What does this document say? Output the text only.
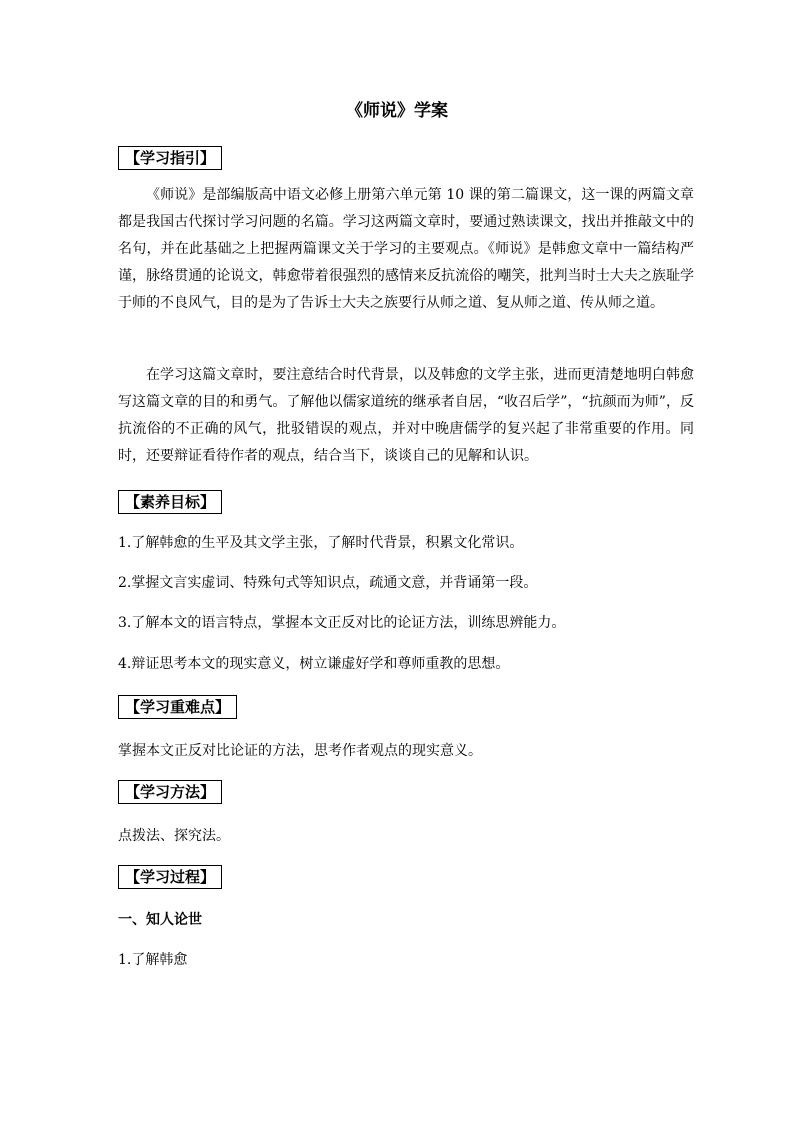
《师说》学案
【学习指引】

《师说》是部编版高中语文必修上册第六单元第 10 课的第二篇课文，这一课的两篇文章都是我国古代探讨学习问题的名篇。学习这两篇文章时，要通过熟读课文，找出并推敲文中的名句，并在此基础之上把握两篇课文关于学习的主要观点。《师说》是韩愈文章中一篇结构严谨，脉络贯通的论说文，韩愈带着很强烈的感情来反抗流俗的嘲笑，批判当时士大夫之族耻学于师的不良风气，目的是为了告诉士大夫之族要行从师之道、复从师之道、传从师之道。

在学习这篇文章时，要注意结合时代背景，以及韩愈的文学主张，进而更清楚地明白韩愈写这篇文章的目的和勇气。了解他以儒家道统的继承者自居，“收召后学”，“抗颜而为师”，反抗流俗的不正确的风气，批驳错误的观点，并对中晚唐儒学的复兴起了非常重要的作用。同时，还要辩证看待作者的观点，结合当下，谈谈自己的见解和认识。

【素养目标】

1.了解韩愈的生平及其文学主张，了解时代背景，积累文化常识。

2.掌握文言实虚词、特殊句式等知识点，疏通文意，并背诵第一段。

3.了解本文的语言特点，掌握本文正反对比的论证方法，训练思辨能力。

4.辩证思考本文的现实意义，树立谦虚好学和尊师重教的思想。

【学习重难点】

掌握本文正反对比论证的方法，思考作者观点的现实意义。

【学习方法】

点拨法、探究法。

【学习过程】

一、知人论世

1.了解韩愈
